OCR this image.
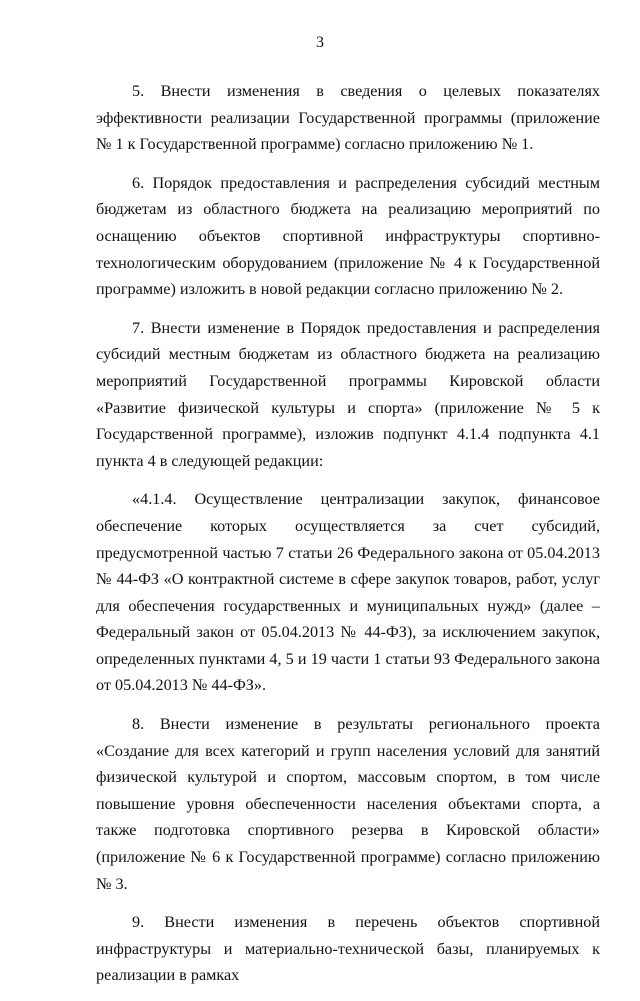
3

5. Внести изменения в сведения о целевых показателях эффективности реализации Государственной программы (приложение № 1 к Государственной программе) согласно приложению № 1.

6. Порядок предоставления и распределения субсидий местным бюджетам из областного бюджета на реализацию мероприятий по оснащению объектов спортивной инфраструктуры спортивно-технологическим оборудованием (приложение № 4 к Государственной программе) изложить в новой редакции согласно приложению № 2.

7. Внести изменение в Порядок предоставления и распределения субсидий местным бюджетам из областного бюджета на реализацию мероприятий Государственной программы Кировской области «Развитие физической культуры и спорта» (приложение № 5 к Государственной программе), изложив подпункт 4.1.4 подпункта 4.1 пункта 4 в следующей редакции:

«4.1.4. Осуществление централизации закупок, финансовое обеспечение которых осуществляется за счет субсидий, предусмотренной частью 7 статьи 26 Федерального закона от 05.04.2013 № 44-ФЗ «О контрактной системе в сфере закупок товаров, работ, услуг для обеспечения государственных и муниципальных нужд» (далее – Федеральный закон от 05.04.2013 № 44-ФЗ), за исключением закупок, определенных пунктами 4, 5 и 19 части 1 статьи 93 Федерального закона от 05.04.2013 № 44-ФЗ».

8. Внести изменение в результаты регионального проекта «Создание для всех категорий и групп населения условий для занятий физической культурой и спортом, массовым спортом, в том числе повышение уровня обеспеченности населения объектами спорта, а также подготовка спортивного резерва в Кировской области» (приложение № 6 к Государственной программе) согласно приложению № 3.

9. Внести изменения в перечень объектов спортивной инфраструктуры и материально-технической базы, планируемых к реализации в рамках
